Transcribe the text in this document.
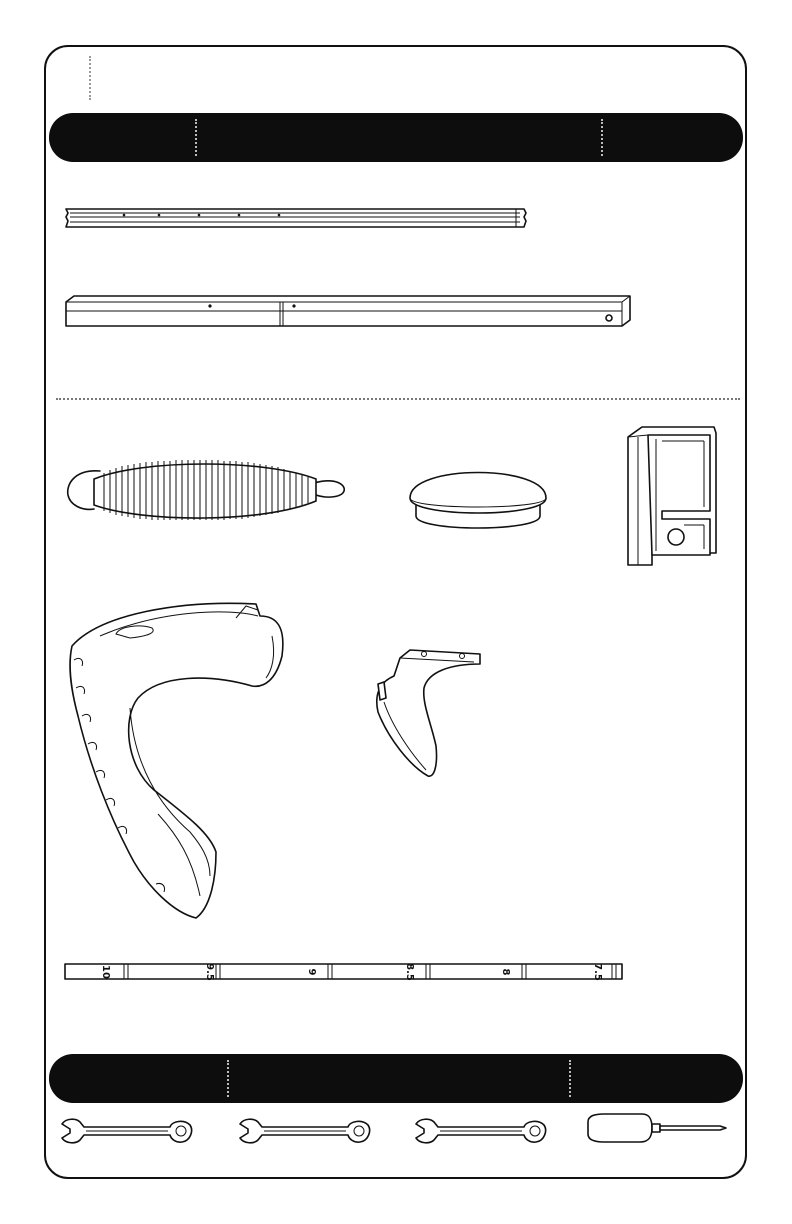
10	9.5	9	8.5	8	7.5
